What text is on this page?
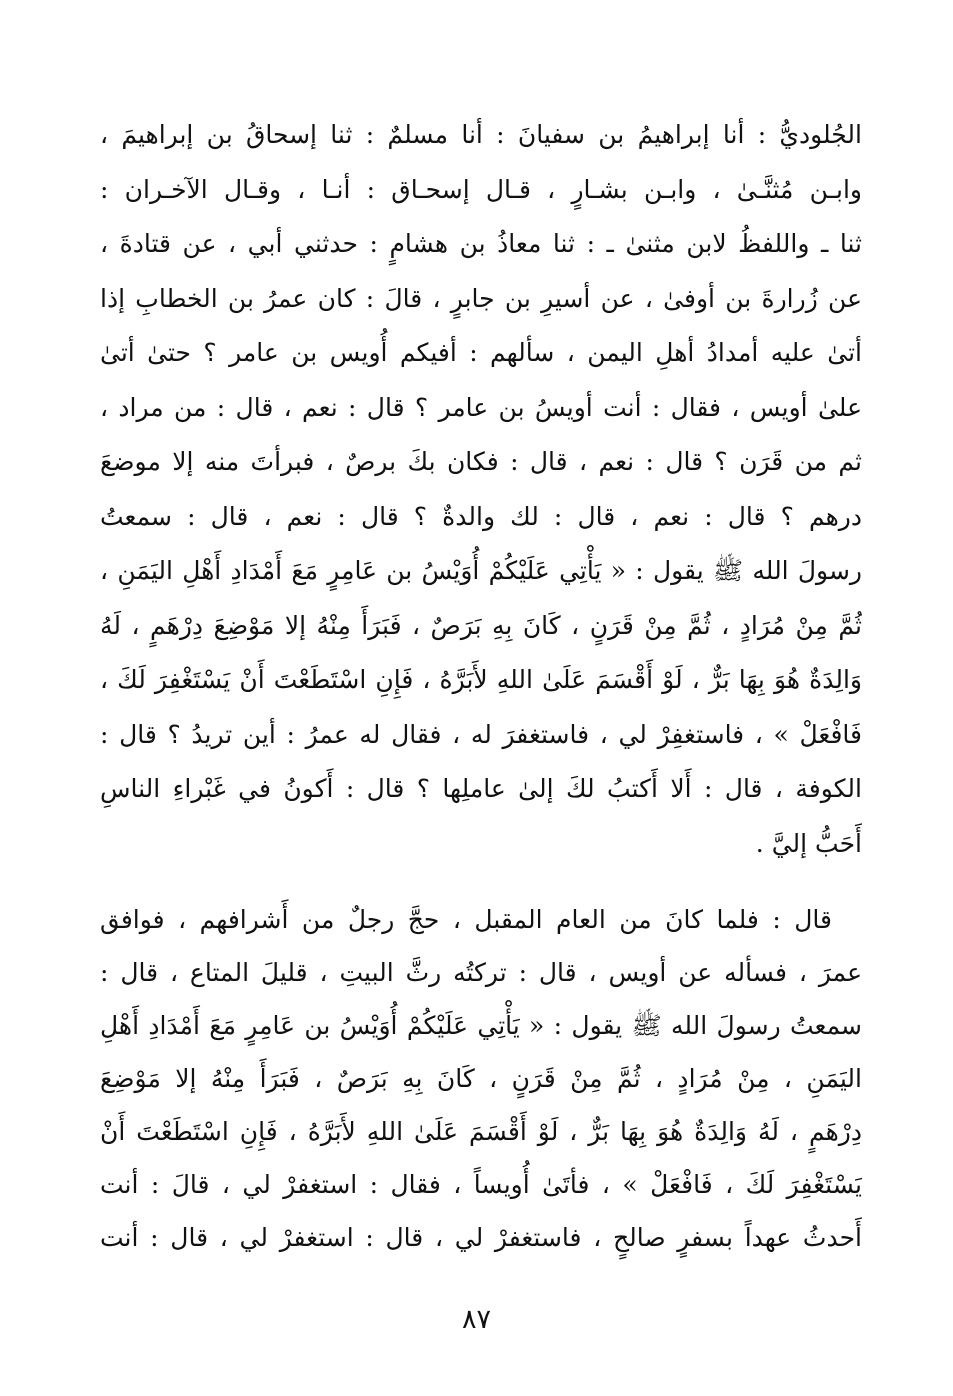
الجُلوديُّ : أنا إبراهيمُ بن سفيانَ : أنا مسلمٌ : ثنا إسحاقُ بن إبراهيمَ ،
وابـن مُثنَّـىٰ ، وابـن بشـارٍ ، قـال إسحـاق : أنـا ، وقـال الآخـران :
ثنا ـ واللفظُ لابن مثنىٰ ـ : ثنا معاذُ بن هشامٍ : حدثني أبي ، عن قتادةَ ،
عن زُرارةَ بن أوفىٰ ، عن أسيرِ بن جابرٍ ، قالَ : كان عمرُ بن الخطابِ إذا
أتىٰ عليه أمدادُ أهلِ اليمن ، سألهم : أفيكم أُويس بن عامر ؟ حتىٰ أتىٰ
علىٰ أويس ، فقال : أنت أويسُ بن عامر ؟ قال : نعم ، قال : من مراد ،
ثم من قَرَن ؟ قال : نعم ، قال : فكان بكَ برصٌ ، فبرأتَ منه إلا موضعَ
درهم ؟ قال : نعم ، قال : لك والدةٌ ؟ قال : نعم ، قال : سمعتُ
رسولَ الله ﷺ يقول : « يَأْتِي عَلَيْكُمْ أُوَيْسُ بن عَامِرٍ مَعَ أَمْدَادِ أَهْلِ اليَمَنِ ،
ثُمَّ مِنْ مُرَادٍ ، ثُمَّ مِنْ قَرَنٍ ، كَانَ بِهِ بَرَصٌ ، فَبَرَأَ مِنْهُ إلا مَوْضِعَ دِرْهَمٍ ، لَهُ
وَالِدَةٌ هُوَ بِهَا بَرٌّ ، لَوْ أَقْسَمَ عَلَىٰ اللهِ لأَبَرَّهُ ، فَإِنِ اسْتَطَعْتَ أَنْ يَسْتَغْفِرَ لَكَ ،
فَافْعَلْ » ، فاستغفِرْ لي ، فاستغفرَ له ، فقال له عمرُ : أين تريدُ ؟ قال :
الكوفة ، قال : أَلا أَكتبُ لكَ إلىٰ عاملِها ؟ قال : أَكونُ في غَبْراءِ الناسِ
أَحَبُّ إليَّ .
قال : فلما كانَ من العام المقبل ، حجَّ رجلٌ من أَشرافهم ، فوافق
عمرَ ، فسأله عن أويس ، قال : تركتُه رثَّ البيتِ ، قليلَ المتاع ، قال :
سمعتُ رسولَ الله ﷺ يقول : « يَأْتِي عَلَيْكُمْ أُوَيْسُ بن عَامِرٍ مَعَ أَمْدَادِ أَهْلِ
اليَمَنِ ، مِنْ مُرَادٍ ، ثُمَّ مِنْ قَرَنٍ ، كَانَ بِهِ بَرَصٌ ، فَبَرَأَ مِنْهُ إلا مَوْضِعَ
دِرْهَمٍ ، لَهُ وَالِدَةٌ هُوَ بِهَا بَرٌّ ، لَوْ أَقْسَمَ عَلَىٰ اللهِ لأَبَرَّهُ ، فَإِنِ اسْتَطَعْتَ أَنْ
يَسْتَغْفِرَ لَكَ ، فَافْعَلْ » ، فأتَىٰ أُويساً ، فقال : استغفرْ لي ، قالَ : أنت
أَحدثُ عهداً بسفرٍ صالحٍ ، فاستغفرْ لي ، قال : استغفرْ لي ، قال : أنت
٨٧
